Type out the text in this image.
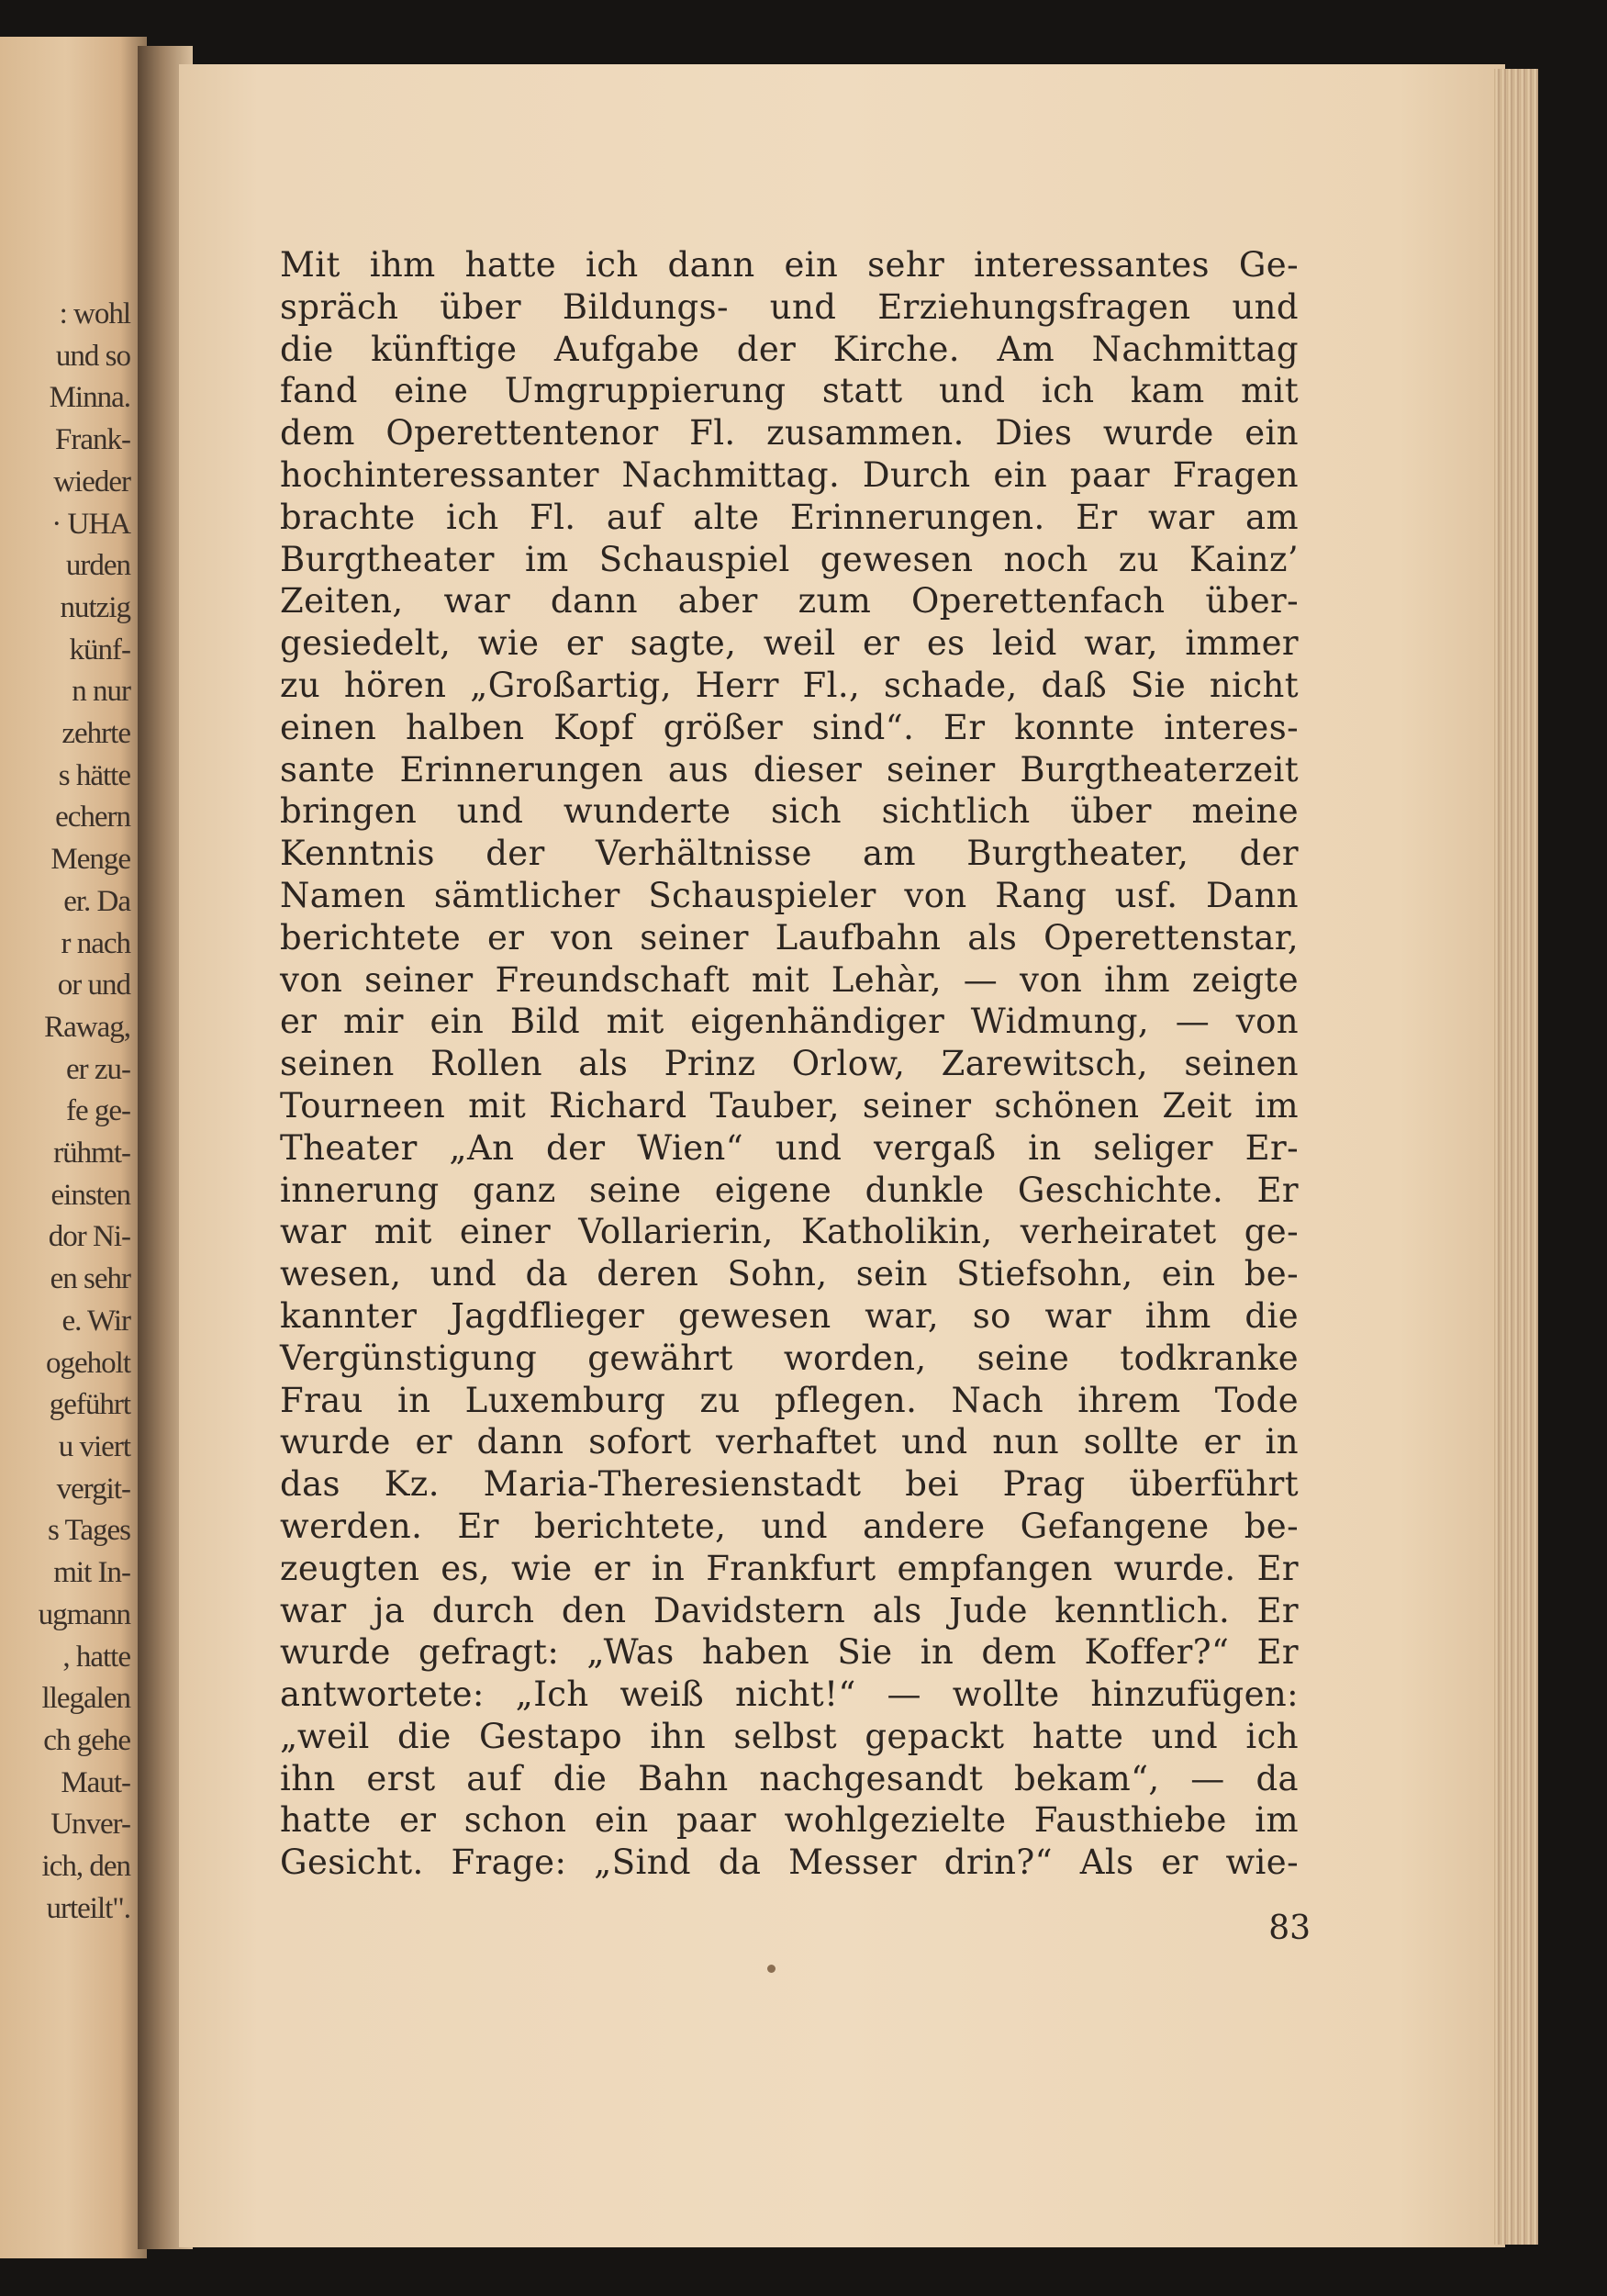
: wohl
und so
Minna.
Frank-
wieder
· UHA
urden
nutzig
künf-
n nur
zehrte
s hätte
echern
Menge
er. Da
r nach
or und
Rawag,
er zu-
fe ge-
rühmt-
einsten
dor Ni-
en sehr
e. Wir
ogeholt
geführt
u viert
vergit-
s Tages
mit In-
ugmann
, hatte
llegalen
ch gehe
Maut-
Unver-
ich, den
urteilt".
Mit ihm hatte ich dann ein sehr interessantes Ge-
spräch über Bildungs- und Erziehungsfragen und
die künftige Aufgabe der Kirche. Am Nachmittag
fand eine Umgruppierung statt und ich kam mit
dem Operettentenor Fl. zusammen. Dies wurde ein
hochinteressanter Nachmittag. Durch ein paar Fragen
brachte ich Fl. auf alte Erinnerungen. Er war am
Burgtheater im Schauspiel gewesen noch zu Kainz’
Zeiten, war dann aber zum Operettenfach über-
gesiedelt, wie er sagte, weil er es leid war, immer
zu hören „Großartig, Herr Fl., schade, daß Sie nicht
einen halben Kopf größer sind“. Er konnte interes-
sante Erinnerungen aus dieser seiner Burgtheaterzeit
bringen und wunderte sich sichtlich über meine
Kenntnis der Verhältnisse am Burgtheater, der
Namen sämtlicher Schauspieler von Rang usf. Dann
berichtete er von seiner Laufbahn als Operettenstar,
von seiner Freundschaft mit Lehàr, — von ihm zeigte
er mir ein Bild mit eigenhändiger Widmung, — von
seinen Rollen als Prinz Orlow, Zarewitsch, seinen
Tourneen mit Richard Tauber, seiner schönen Zeit im
Theater „An der Wien“ und vergaß in seliger Er-
innerung ganz seine eigene dunkle Geschichte. Er
war mit einer Vollarierin, Katholikin, verheiratet ge-
wesen, und da deren Sohn, sein Stiefsohn, ein be-
kannter Jagdflieger gewesen war, so war ihm die
Vergünstigung gewährt worden, seine todkranke
Frau in Luxemburg zu pflegen. Nach ihrem Tode
wurde er dann sofort verhaftet und nun sollte er in
das Kz. Maria-Theresienstadt bei Prag überführt
werden. Er berichtete, und andere Gefangene be-
zeugten es, wie er in Frankfurt empfangen wurde. Er
war ja durch den Davidstern als Jude kenntlich. Er
wurde gefragt: „Was haben Sie in dem Koffer?“ Er
antwortete: „Ich weiß nicht!“ — wollte hinzufügen:
„weil die Gestapo ihn selbst gepackt hatte und ich
ihn erst auf die Bahn nachgesandt bekam“, — da
hatte er schon ein paar wohlgezielte Fausthiebe im
Gesicht. Frage: „Sind da Messer drin?“ Als er wie-
83
